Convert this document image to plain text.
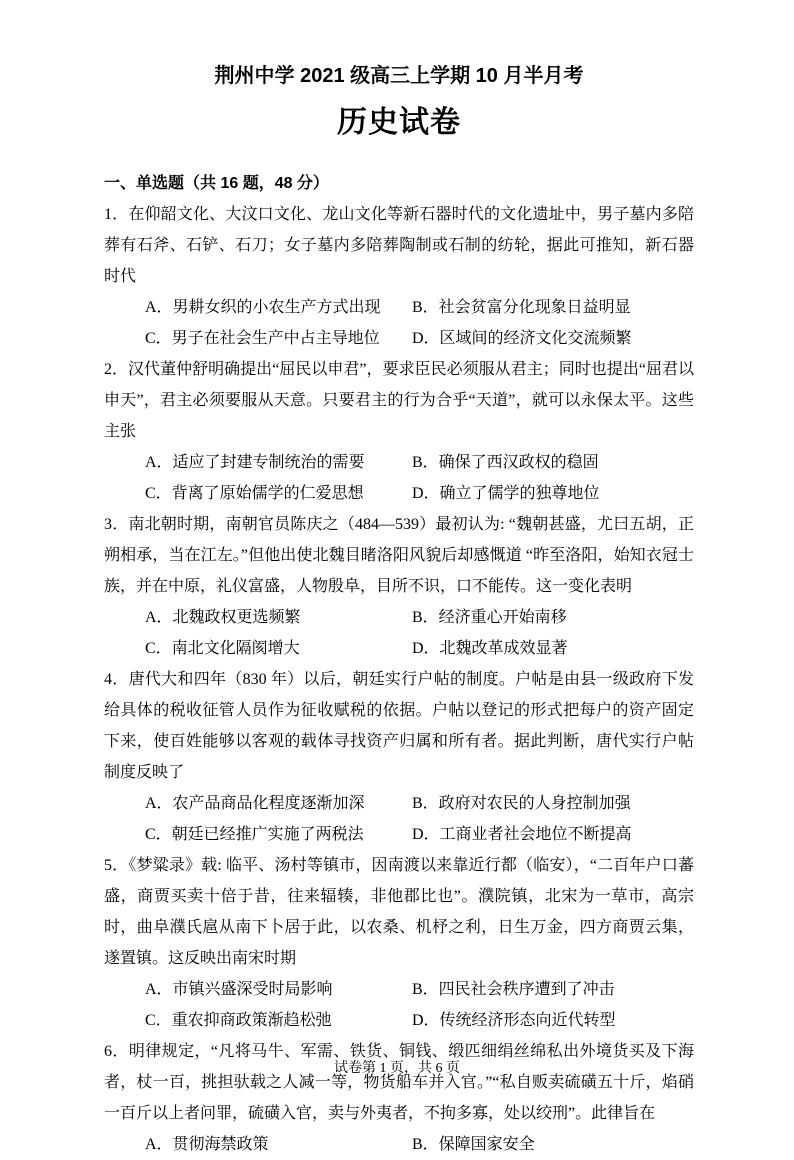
荆州中学 2021 级高三上学期 10 月半月考
历史试卷
一、单选题（共 16 题，48 分）

1．在仰韶文化、大汶口文化、龙山文化等新石器时代的文化遗址中，男子墓内多陪葬有石斧、石铲、石刀；女子墓内多陪葬陶制或石制的纺轮，据此可推知，新石器时代

A．男耕女织的小农生产方式出现	B．社会贫富分化现象日益明显
C．男子在社会生产中占主导地位	D．区域间的经济文化交流频繁

2．汉代董仲舒明确提出“屈民以申君”，要求臣民必须服从君主；同时也提出“屈君以申天”，君主必须要服从天意。只要君主的行为合乎“天道”，就可以永保太平。这些主张

A．适应了封建专制统治的需要	B．确保了西汉政权的稳固
C．背离了原始儒学的仁爱思想	D．确立了儒学的独尊地位

3．南北朝时期，南朝官员陈庆之（484—539）最初认为: “魏朝甚盛，尤曰五胡，正朔相承，当在江左。”但他出使北魏目睹洛阳风貌后却感慨道 “昨至洛阳，始知衣冠士族，并在中原，礼仪富盛，人物殷阜，目所不识，口不能传。这一变化表明

A．北魏政权更选频繁	B．经济重心开始南移
C．南北文化隔阂增大	D．北魏改革成效显著

4．唐代大和四年（830 年）以后，朝廷实行户帖的制度。户帖是由县一级政府下发给具体的税收征管人员作为征收赋税的依据。户帖以登记的形式把每户的资产固定下来，使百姓能够以客观的载体寻找资产归属和所有者。据此判断，唐代实行户帖制度反映了

A．农产品商品化程度逐渐加深	B．政府对农民的人身控制加强
C．朝廷已经推广实施了两税法	D．工商业者社会地位不断提高

5．《梦粱录》载: 临平、汤村等镇市，因南渡以来靠近行都（临安），“二百年户口蕃盛，商贾买卖十倍于昔，往来辐辏，非他郡比也”。濮院镇，北宋为一草市，高宗时，曲阜濮氏扈从南下卜居于此，以农桑、机杼之利，日生万金，四方商贾云集，遂置镇。这反映出南宋时期

A．市镇兴盛深受时局影响	B．四民社会秩序遭到了冲击
C．重农抑商政策渐趋松弛	D．传统经济形态向近代转型

6．明律规定，“凡将马牛、军需、铁货、铜钱、缎匹细绢丝绵私出外境货买及下海者，杖一百，挑担驮载之人减一等，物货船车并入官。”“私自贩卖硫磺五十斤，焰硝一百斤以上者问罪，硫磺入官，卖与外夷者，不拘多寡，处以绞刑”。此律旨在

A．贯彻海禁政策	B．保障国家安全
试卷第 1 页，共 6 页
